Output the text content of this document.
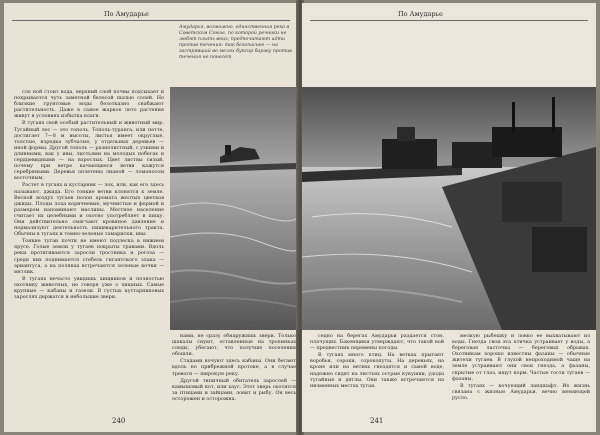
По Амударье

Амударья, возможно, единственная река в Советском Союзе, по которой речники не любят плыть вниз, предпочитают идти против течения: так безопаснее — на застрявший во мелях буксир баржу против течения не понесет

сле ной стоит вода, верхний слой почвы подсыхает и покрывается чуть заметной белесой пылью солей. Но близкие грунтовые воды безотказно снабжают растительность. Даже в самое жаркое лето растения живут в условиях избытка влаги.

В тугаях свой особый растительный и животный мир. Тугайный лес — это тополь. Тополь-туранга, или петте, достигает 7—8 м высоты, листья имеет округлые, толстые, изредка зубчатые, у отдельных деревьев — иной формы. Другой тополь — разнолистный, с узкими и длинными, как у ивы, листьями на молодых побегах и сердцевидными — на взрослых. Цвет листвы сизый, почему при ветре качающиеся ветви кажутся серебряными. Деревья оплетены лианой — ломоносом восточным.

Растет в тугаях и кустарник — лох, или, как его здесь называют, джида. Его тонкие ветви клонятся к земле. Весной воздух тугаев полон аромата желтых цветков джиды. Плоды лоха коричневые, мучнистые и формой и размером напоминают маслины. Местное население считает их целебными и охотно употребляет в пищу. Они действительно смягчают кровяное давление и нормализуют деятельность пищеварительного тракта. Обычны в тугаях и темно-зеленые тамариски, ивы.

Тонкие тугаи почти не имеют подлеска в нижнем ярусе. Голые земли у тугаев покрыты травами. Вдоль реки протягиваются заросли тростника и рогоза — среди них поднимается стебель гигантского злака — эриантуса, а на полянах встречаются зеленые кочки — мятлик.

В тугаях нечасто увидишь хищников и полностью охотнику животных, не говоря уже о хищных. Самые крупные — кабаны и газели. В густых кустарниковых зарослях держатся и небольшие звери.

нами, не сразу обнаружишь звери. Только шакалы снуют, оставленные на тропинках следы, убегают, что получше поселения обошли.

Стадами кочуют здесь кабаны. Они бегают вдоль по прибрежной протоке, а в случае тревоги — широкую реку.

Другой типичный обитатель зарослей — камышовый кот, или хаус. Этот зверь охотится за птицами и зайцами, ловит и рыбу. Он весь осторожен и осторожна.

240
По Амударье

седно на берегах Амударьи раздается стон, плачущих. Бакенщики утверждают, что такой вой — предвестник перемены погоды.

В тугаях много птиц. На ветках прыгают воробьи, сороки, сорокопуты. На деревьях, на кроне или на ветвях гнездятся и самой воде, надежно сидят на листьях острые кукушки, удоды тугайные и дятлы. Они также встречаются на низменных местах тугая.

мелкую рыбешку и ловко ее выхватывают из воды. Гнезда свои эта птичка устраивает у воды, а береговая ласточка — береговых обрывах. Охотникам хорошо известны фазаны — обычные жители тугаев. В глухой непроходимой чаще на земле устраивают они свои гнезда, а фазаны, скрытые от глаз, ищут корм. Частые гости тугаев — фазаны.

В тугаях — кочующий ландшафт. Их жизнь связана с жизнью Амударьи, вечно меняющей русло.

241
